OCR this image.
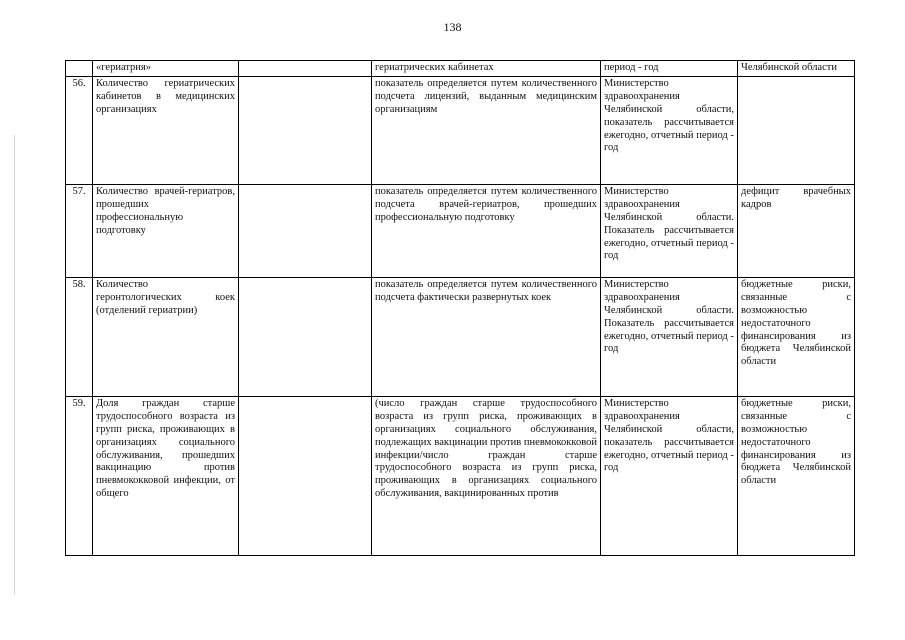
138
	«гериатрия»		гериатрических кабинетах	период - год	Челябинской области
56.	Количество гериатрических кабинетов в медицинских организациях		показатель определяется путем количественного подсчета лицензий, выданным медицинским организациям	Министерство здравоохранения Челябинской области, показатель рассчитывается ежегодно, отчетный период - год	
57.	Количество врачей-гериатров, прошедших профессиональную подготовку		показатель определяется путем количественного подсчета врачей-гериатров, прошедших профессиональную подготовку	Министерство здравоохранения Челябинской области. Показатель рассчитывается ежегодно, отчетный период - год	дефицит врачебных кадров
58.	Количество геронтологических коек (отделений гериатрии)		показатель определяется путем количественного подсчета фактически развернутых коек	Министерство здравоохранения Челябинской области. Показатель рассчитывается ежегодно, отчетный период - год	бюджетные риски, связанные с возможностью недостаточного финансирования из бюджета Челябинской области
59.	Доля граждан старше трудоспособного возраста из групп риска, проживающих в организациях социального обслуживания, прошедших вакцинацию против пневмококковой инфекции, от общего		(число граждан старше трудоспособного возраста из групп риска, проживающих в организациях социального обслуживания, подлежащих вакцинации против пневмококковой инфекции/число граждан старше трудоспособного возраста из групп риска, проживающих в организациях социального обслуживания, вакцинированных против	Министерство здравоохранения Челябинской области, показатель рассчитывается ежегодно, отчетный период - год	бюджетные риски, связанные с возможностью недостаточного финансирования из бюджета Челябинской области
